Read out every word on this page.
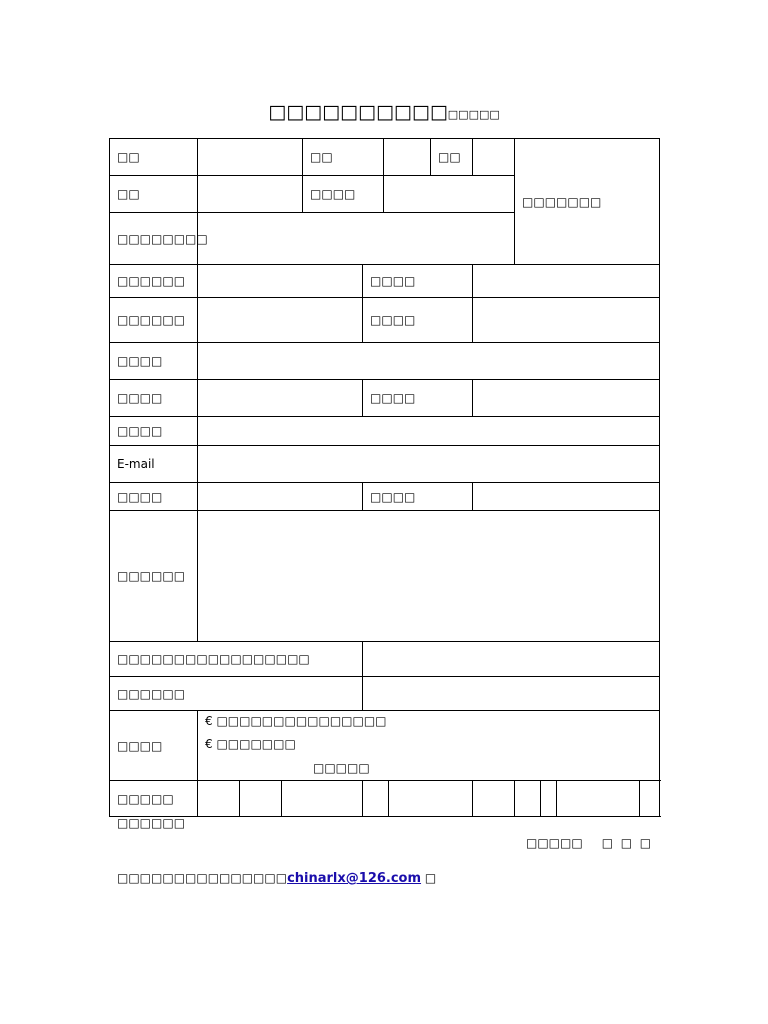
□□□□□□□□□□□□□□□
□□				□□				□□		□□□□□□□				
□□				□□□□										
□□□□□□□□														
□□□□□□					□□□□									
□□□□□□					□□□□									
□□□□														
□□□□					□□□□									
□□□□														
E-mail														
□□□□					□□□□									
□□□□□□														
□□□□□□□□□□□□□□□□□														
□□□□□□														
□□□□	€ □□□□□□□□□□□□□□□
€ □□□□□□□
□□□□□													

□□□□□														
□□□□□□
□□□□□     □  □  □
□□□□□□□□□□□□□□□chinarlx@126.com □
